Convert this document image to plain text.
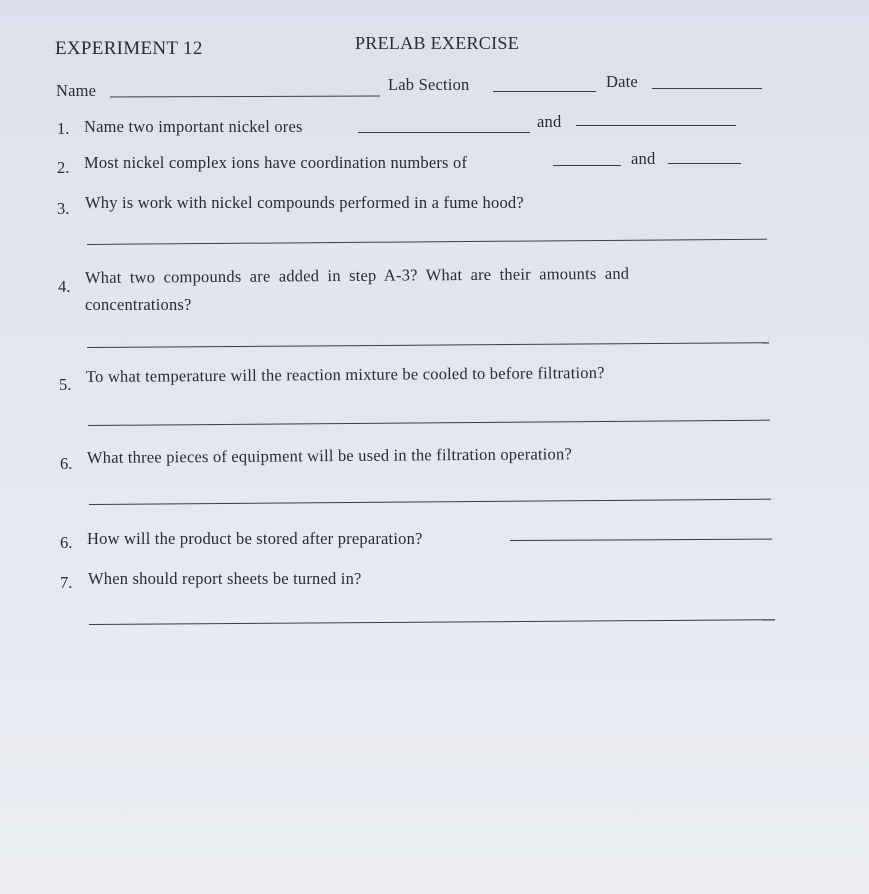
EXPERIMENT 12	PRELAB EXERCISE
Name	Lab Section	Date
1. Name two important nickel ores	and
2. Most nickel complex ions have coordination numbers of	and
3. Why is work with nickel compounds performed in a fume hood?
4. What two compounds are added in step A-3? What are their amounts and
concentrations?
5. To what temperature will the reaction mixture be cooled to before filtration?
6. What three pieces of equipment will be used in the filtration operation?
6. How will the product be stored after preparation?
7. When should report sheets be turned in?
